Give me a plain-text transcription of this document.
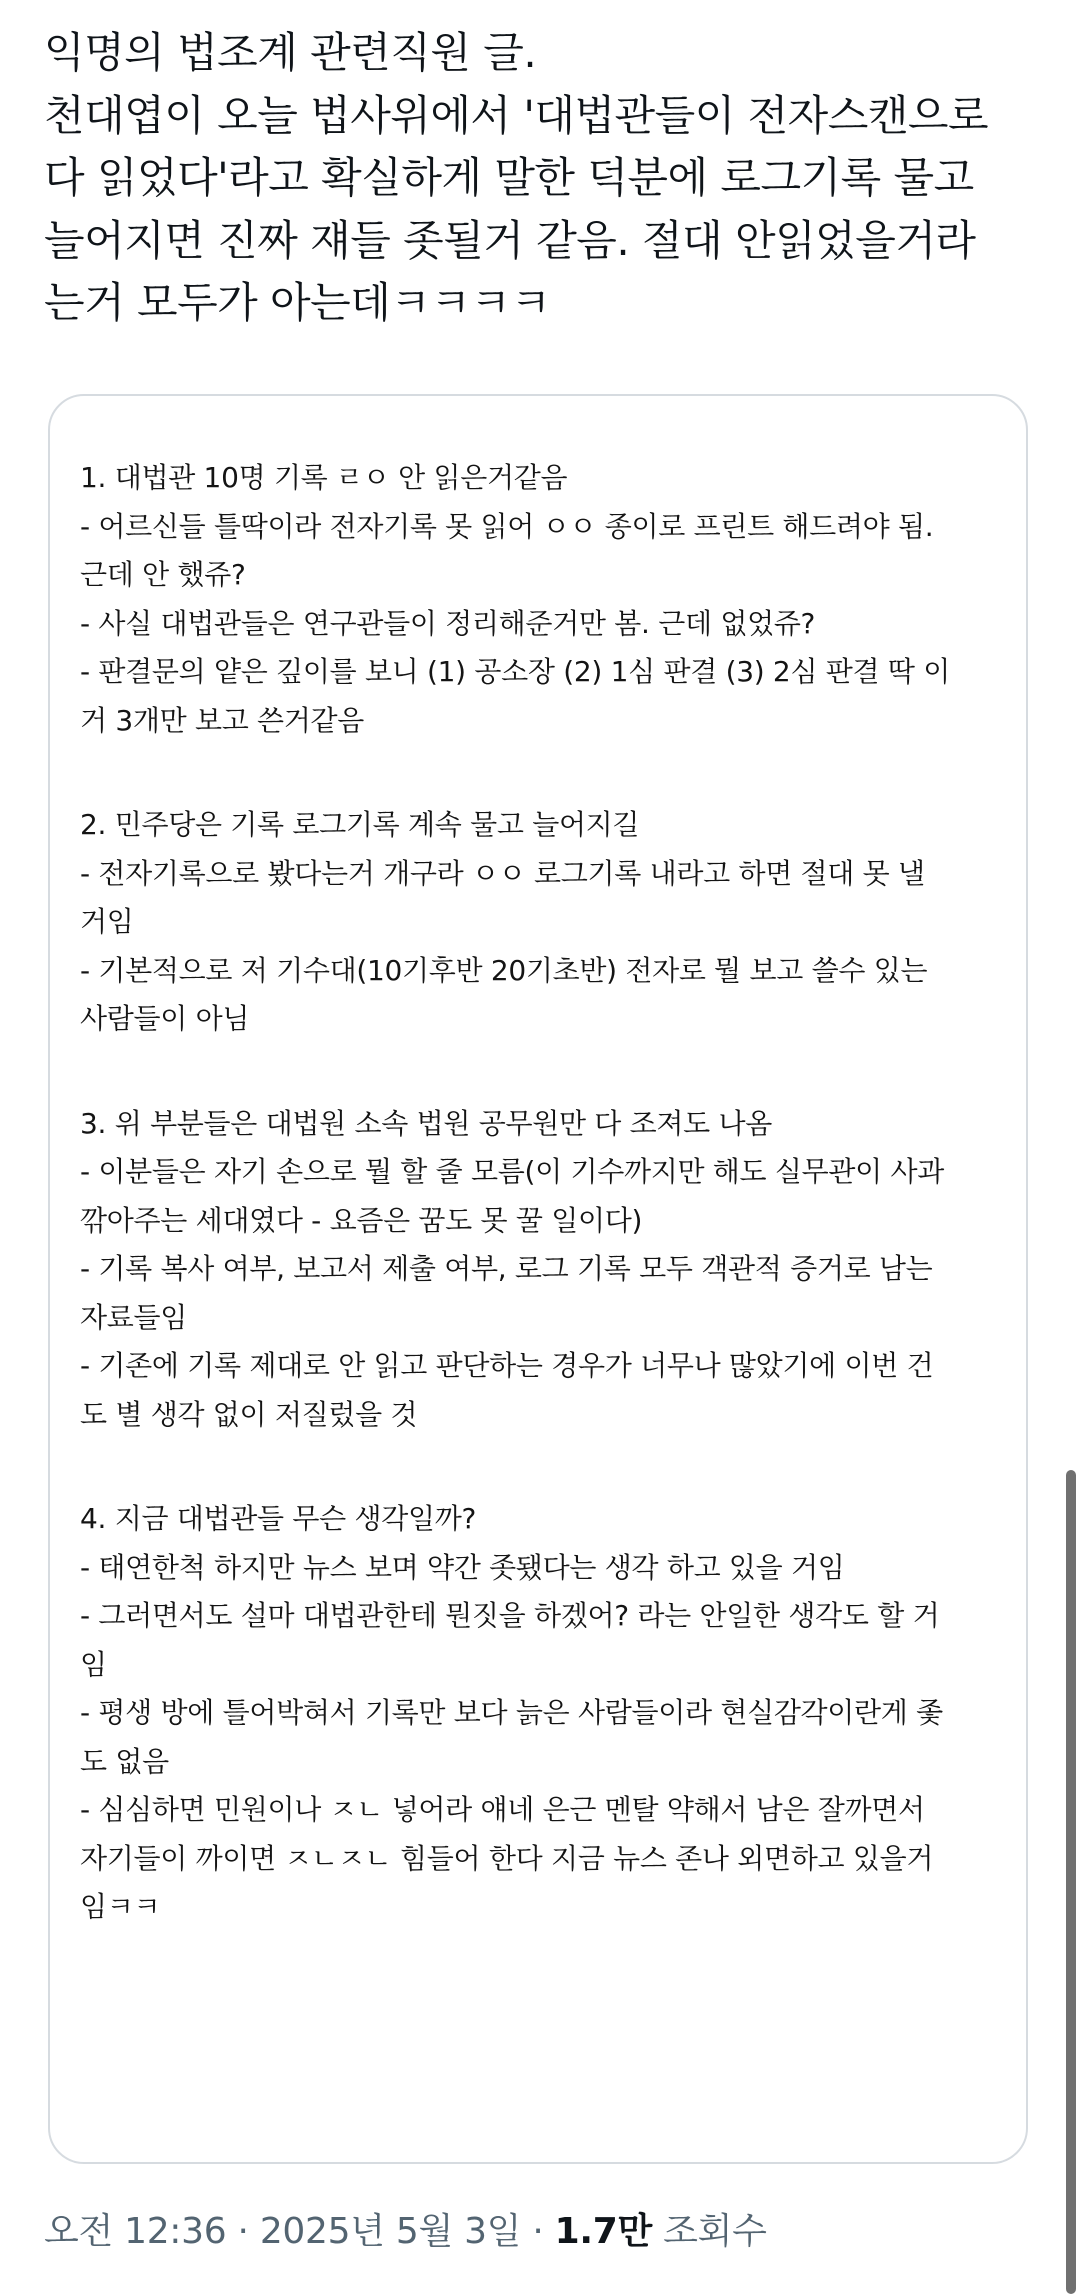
익명의 법조계 관련직원 글.
천대엽이 오늘 법사위에서 '대법관들이 전자스캔으로
다 읽었다'라고 확실하게 말한 덕분에 로그기록 물고
늘어지면 진짜 쟤들 좃될거 같음. 절대 안읽었을거라
는거 모두가 아는데ㅋㅋㅋㅋ
1. 대법관 10명 기록 ㄹㅇ 안 읽은거같음
- 어르신들 틀딱이라 전자기록 못 읽어 ㅇㅇ 종이로 프린트 해드려야 됨.
근데 안 했쥬?
- 사실 대법관들은 연구관들이 정리해준거만 봄. 근데 없었쥬?
- 판결문의 얕은 깊이를 보니 (1) 공소장 (2) 1심 판결 (3) 2심 판결 딱 이
거 3개만 보고 쓴거같음
2. 민주당은 기록 로그기록 계속 물고 늘어지길
- 전자기록으로 봤다는거 개구라 ㅇㅇ 로그기록 내라고 하면 절대 못 낼
거임
- 기본적으로 저 기수대(10기후반 20기초반) 전자로 뭘 보고 쓸수 있는
사람들이 아님
3. 위 부분들은 대법원 소속 법원 공무원만 다 조져도 나옴
- 이분들은 자기 손으로 뭘 할 줄 모름(이 기수까지만 해도 실무관이 사과
깎아주는 세대였다 - 요즘은 꿈도 못 꿀 일이다)
- 기록 복사 여부, 보고서 제출 여부, 로그 기록 모두 객관적 증거로 남는
자료들임
- 기존에 기록 제대로 안 읽고 판단하는 경우가 너무나 많았기에 이번 건
도 별 생각 없이 저질렀을 것
4. 지금 대법관들 무슨 생각일까?
- 태연한척 하지만 뉴스 보며 약간 좃됐다는 생각 하고 있을 거임
- 그러면서도 설마 대법관한테 뭔짓을 하겠어? 라는 안일한 생각도 할 거
임
- 평생 방에 틀어박혀서 기록만 보다 늙은 사람들이라 현실감각이란게 좇
도 없음
- 심심하면 민원이나 ㅈㄴ 넣어라 얘네 은근 멘탈 약해서 남은 잘까면서
자기들이 까이면 ㅈㄴㅈㄴ 힘들어 한다 지금 뉴스 존나 외면하고 있을거
임ㅋㅋ
오전 12:36 · 2025년 5월 3일 · 1.7만 조회수
